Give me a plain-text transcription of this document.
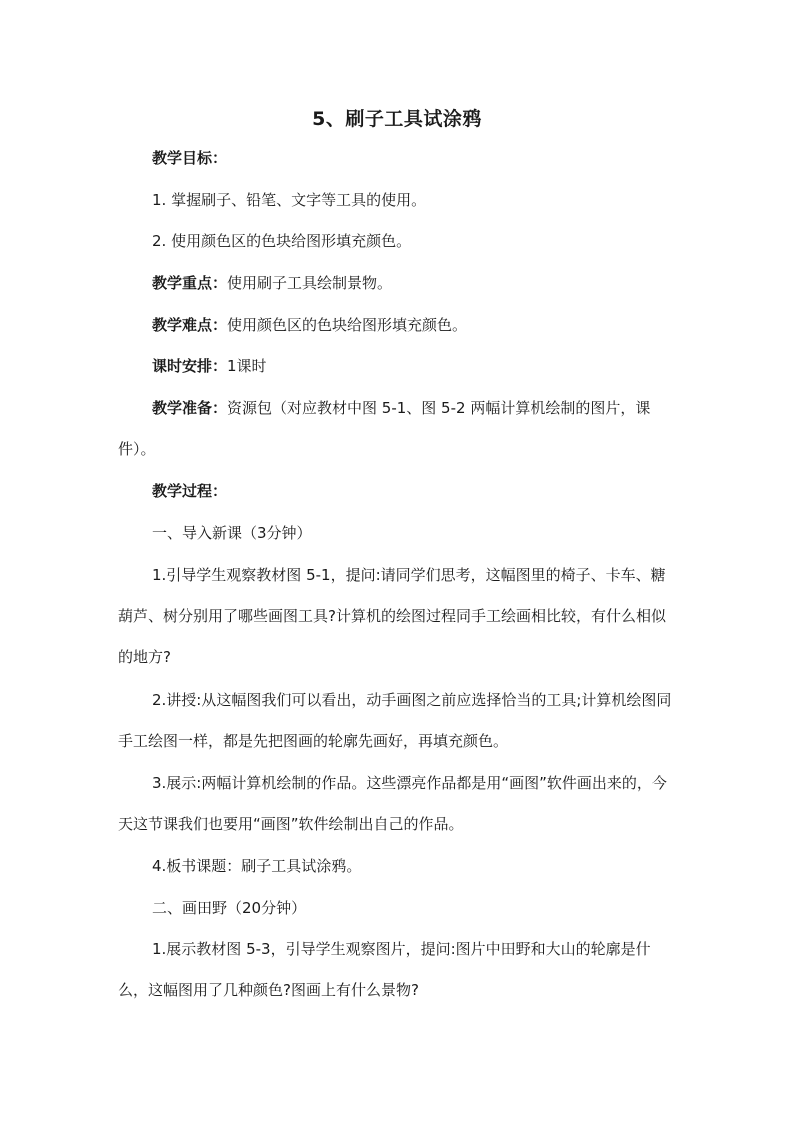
5、刷子工具试涂鸦

教学目标：

1. 掌握刷子、铅笔、文字等工具的使用。

2. 使用颜色区的色块给图形填充颜色。

教学重点：使用刷子工具绘制景物。

教学难点：使用颜色区的色块给图形填充颜色。

课时安排：1课时

教学准备：资源包（对应教材中图 5-1、图 5-2 两幅计算机绘制的图片，课件）。

教学过程：

一、导入新课（3分钟）

1.引导学生观察教材图 5-1，提问:请同学们思考，这幅图里的椅子、卡车、糖葫芦、树分别用了哪些画图工具?计算机的绘图过程同手工绘画相比较，有什么相似的地方?

2.讲授:从这幅图我们可以看出，动手画图之前应选择恰当的工具;计算机绘图同手工绘图一样，都是先把图画的轮廓先画好，再填充颜色。

3.展示:两幅计算机绘制的作品。这些漂亮作品都是用“画图”软件画出来的，今天这节课我们也要用“画图”软件绘制出自己的作品。

4.板书课题：刷子工具试涂鸦。

二、画田野（20分钟）

1.展示教材图 5-3，引导学生观察图片，提问:图片中田野和大山的轮廓是什么，这幅图用了几种颜色?图画上有什么景物?
